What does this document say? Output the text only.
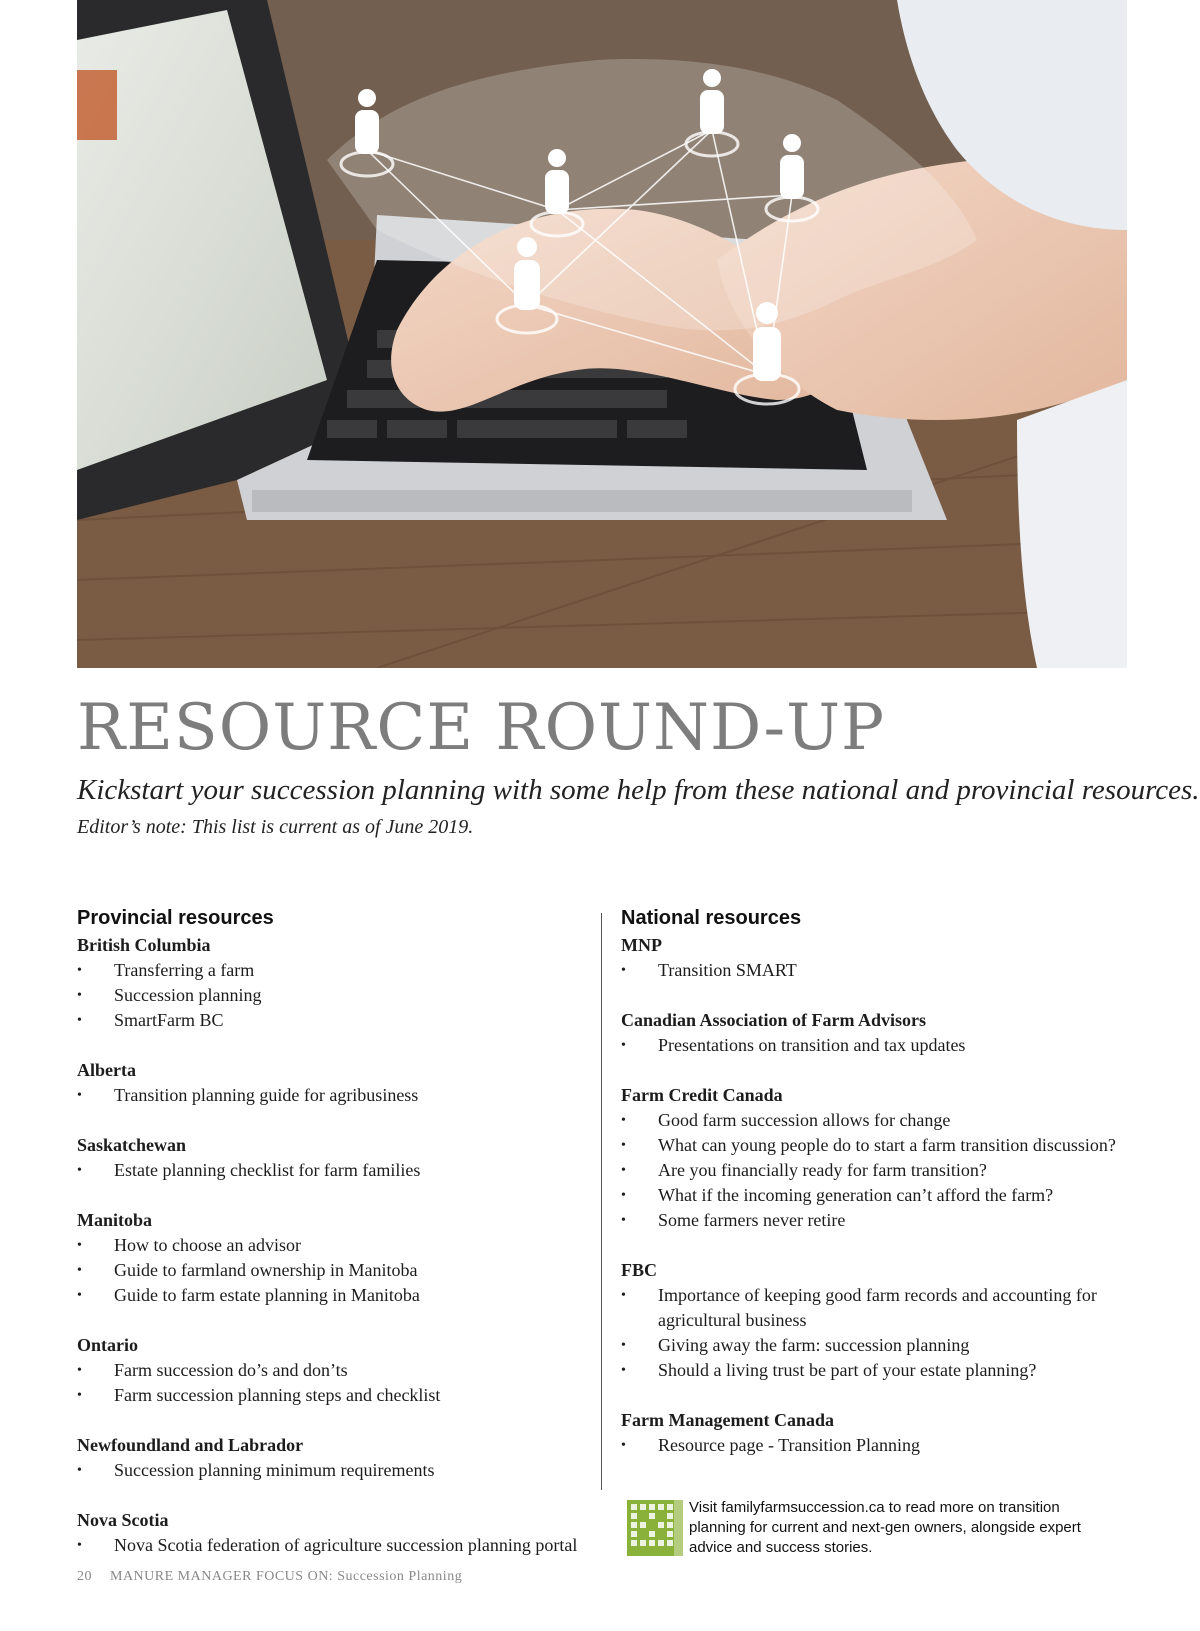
RESOURCE ROUND-UP

Kickstart your succession planning with some help from these national and provincial resources.

Editor’s note: This list is current as of June 2019.

Provincial resources
British Columbia
• Transferring a farm
• Succession planning
• SmartFarm BC
Alberta
• Transition planning guide for agribusiness
Saskatchewan
• Estate planning checklist for farm families
Manitoba
• How to choose an advisor
• Guide to farmland ownership in Manitoba
• Guide to farm estate planning in Manitoba
Ontario
• Farm succession do’s and don’ts
• Farm succession planning steps and checklist
Newfoundland and Labrador
• Succession planning minimum requirements
Nova Scotia
• Nova Scotia federation of agriculture succession planning portal
National resources
MNP
• Transition SMART
Canadian Association of Farm Advisors
• Presentations on transition and tax updates
Farm Credit Canada
• Good farm succession allows for change
• What can young people do to start a farm transition discussion?
• Are you financially ready for farm transition?
• What if the incoming generation can’t afford the farm?
• Some farmers never retire
FBC
• Importance of keeping good farm records and accounting for agricultural business
• Giving away the farm: succession planning
• Should a living trust be part of your estate planning?
Farm Management Canada
• Resource page - Transition Planning

Visit familyfarmsuccession.ca to read more on transition planning for current and next-gen owners, alongside expert advice and success stories.

20 MANURE MANAGER FOCUS ON: Succession Planning
